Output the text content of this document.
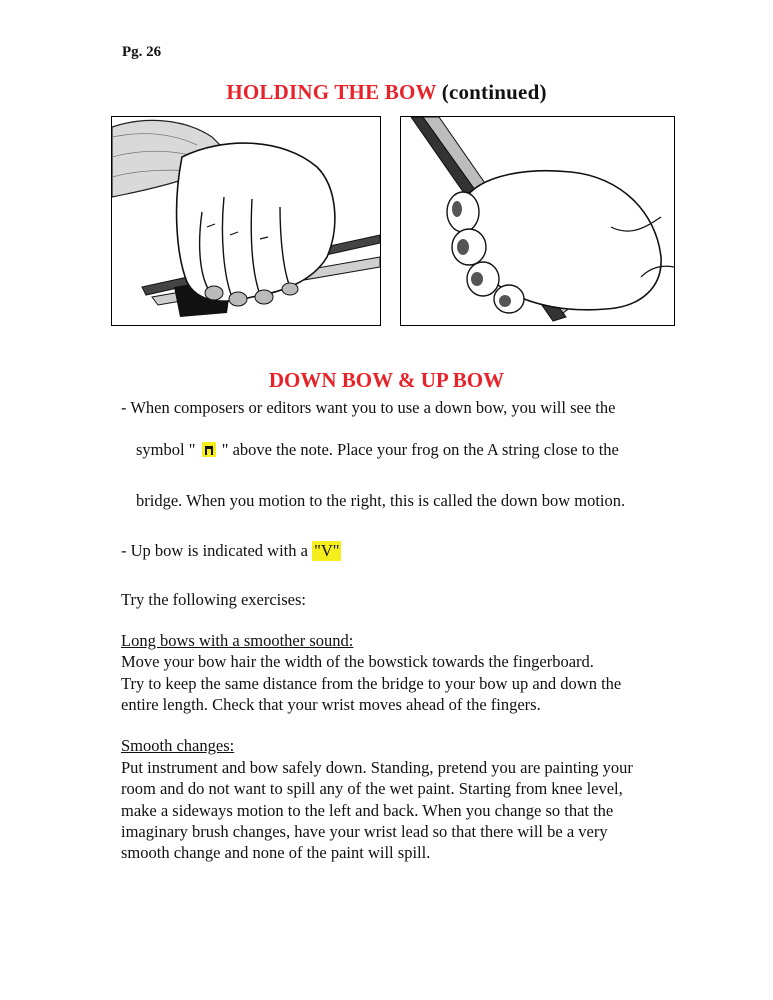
Pg. 26
HOLDING THE BOW (continued)
DOWN BOW & UP BOW
- When composers or editors want you to use a down bow, you will see the
symbol " " above the note. Place your frog on the A string close to the
bridge. When you motion to the right, this is called the down bow motion.
- Up bow is indicated with a "V"
Try the following exercises:
Long bows with a smoother sound:
Move your bow hair the width of the bowstick towards the fingerboard.
Try to keep the same distance from the bridge to your bow up and down the
entire length. Check that your wrist moves ahead of the fingers.
Smooth changes:
Put instrument and bow safely down. Standing, pretend you are painting your
room and do not want to spill any of the wet paint. Starting from knee level,
make a sideways motion to the left and back. When you change so that the
imaginary brush changes, have your wrist lead so that there will be a very
smooth change and none of the paint will spill.
